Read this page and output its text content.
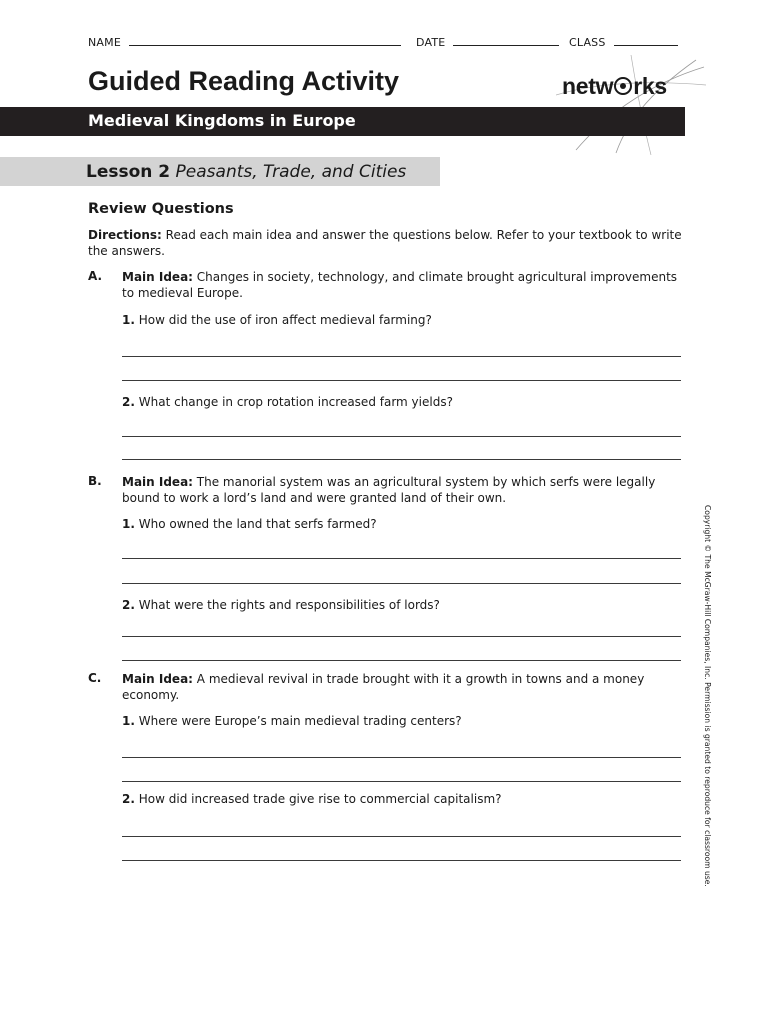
NAME	DATE	CLASS
Guided Reading Activity	netw rks
Medieval Kingdoms in Europe
Lesson 2 Peasants, Trade, and Cities
Review Questions
Directions: Read each main idea and answer the questions below. Refer to your textbook to write the answers.
A. Main Idea: Changes in society, technology, and climate brought agricultural improvements to medieval Europe.
1. How did the use of iron affect medieval farming?
2. What change in crop rotation increased farm yields?
B. Main Idea: The manorial system was an agricultural system by which serfs were legally bound to work a lord’s land and were granted land of their own.
1. Who owned the land that serfs farmed?
2. What were the rights and responsibilities of lords?
C. Main Idea: A medieval revival in trade brought with it a growth in towns and a money economy.
1. Where were Europe’s main medieval trading centers?
2. How did increased trade give rise to commercial capitalism?	Copyright © The McGraw-Hill Companies, Inc. Permission is granted to reproduce for classroom use.
